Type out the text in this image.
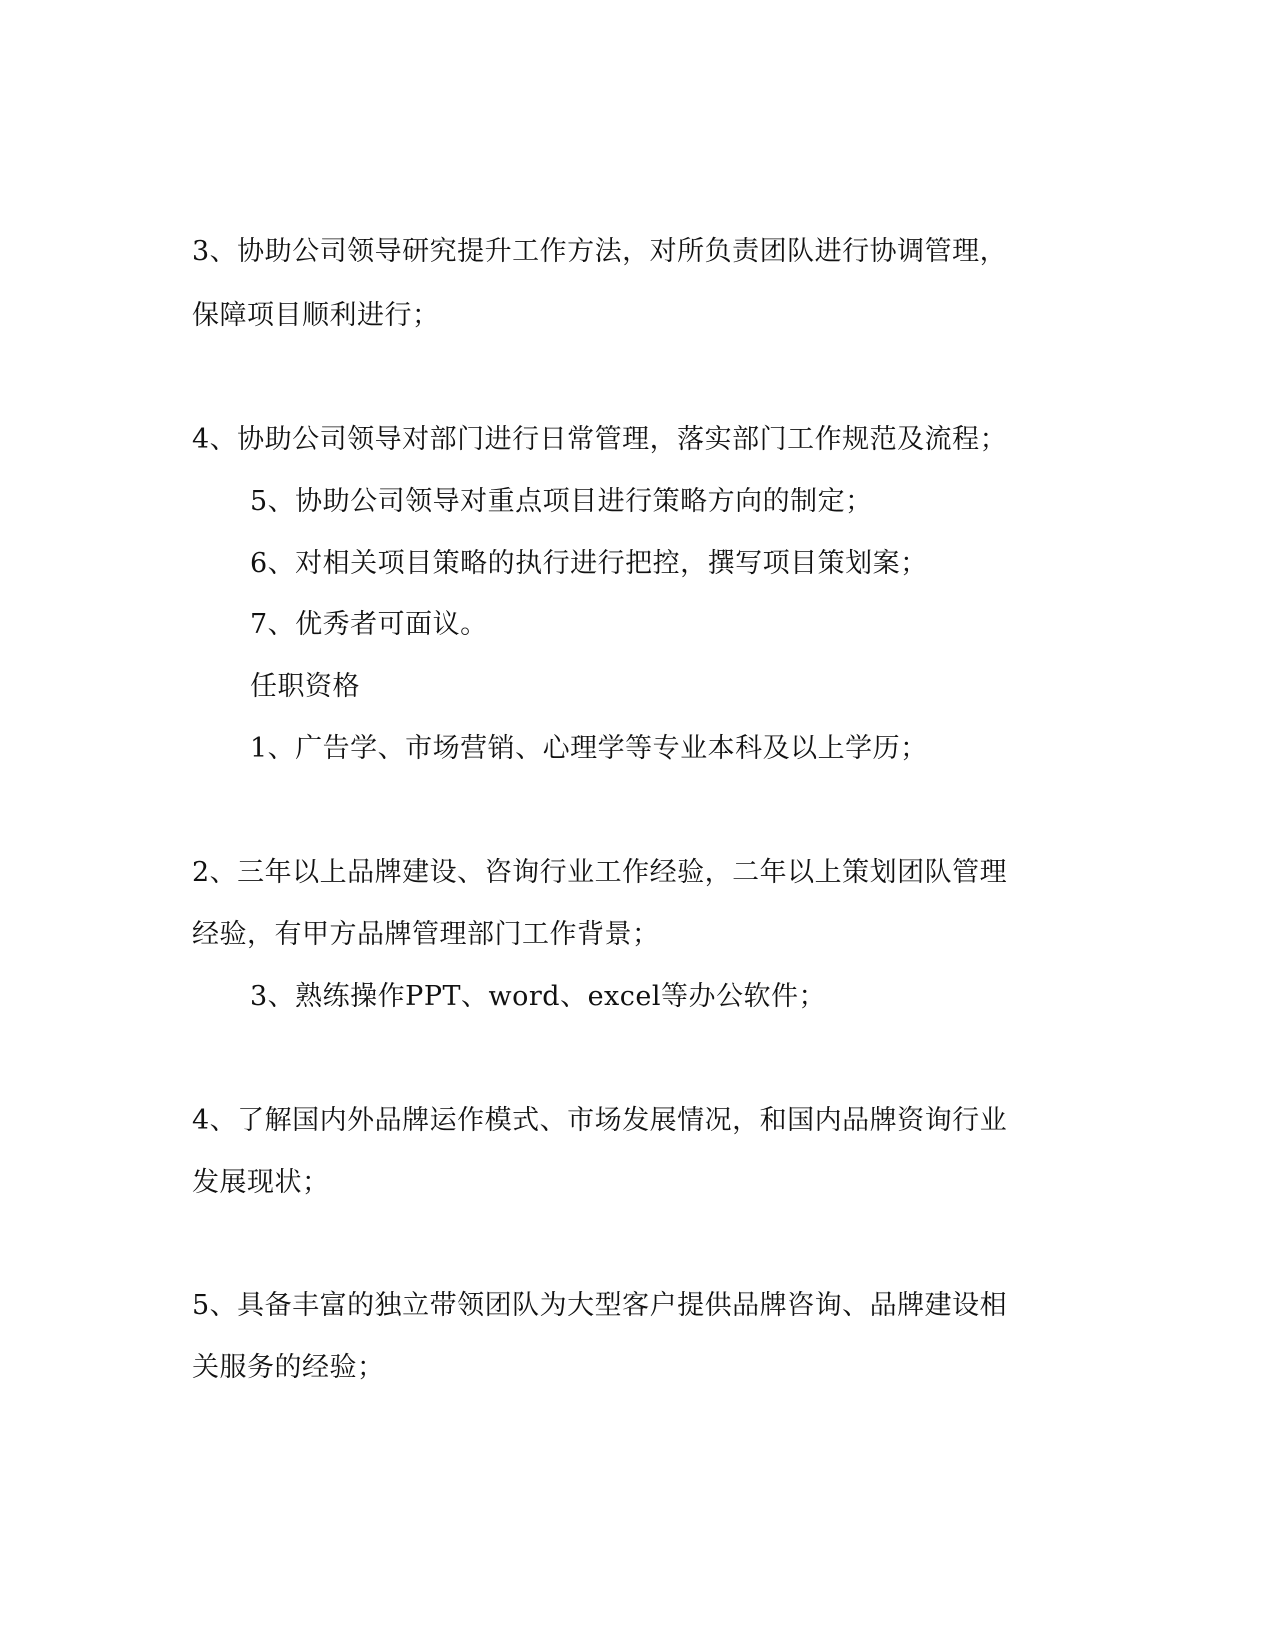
3、协助公司领导研究提升工作方法，对所负责团队进行协调管理，
保障项目顺利进行；
4、协助公司领导对部门进行日常管理，落实部门工作规范及流程；
5、协助公司领导对重点项目进行策略方向的制定；
6、对相关项目策略的执行进行把控，撰写项目策划案；
7、优秀者可面议。
任职资格
1、广告学、市场营销、心理学等专业本科及以上学历；
2、三年以上品牌建设、咨询行业工作经验，二年以上策划团队管理
经验，有甲方品牌管理部门工作背景；
3、熟练操作PPT、word、excel等办公软件；
4、了解国内外品牌运作模式、市场发展情况，和国内品牌资询行业
发展现状；
5、具备丰富的独立带领团队为大型客户提供品牌咨询、品牌建设相
关服务的经验；
